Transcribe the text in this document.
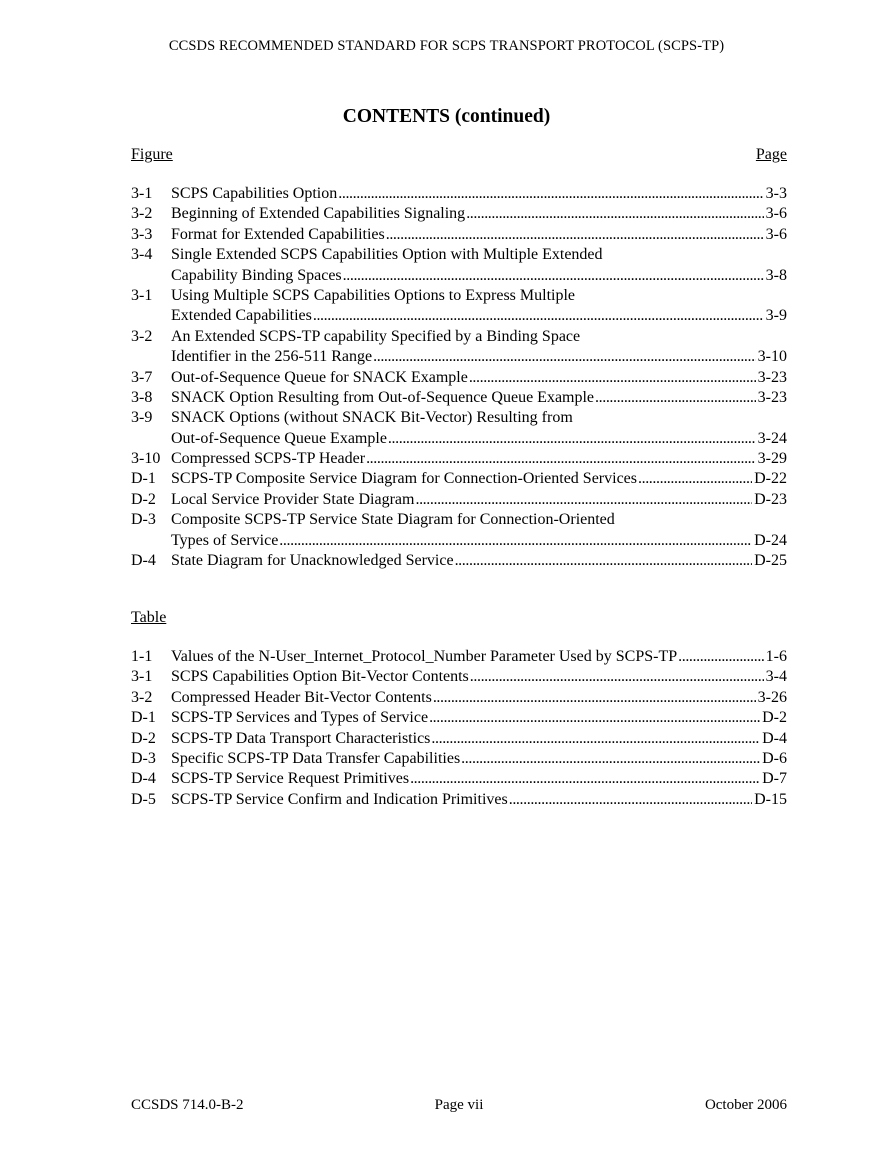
CCSDS RECOMMENDED STANDARD FOR SCPS TRANSPORT PROTOCOL (SCPS-TP)
CONTENTS (continued)
Figure	Page
3-1	SCPS Capabilities Option . . .	3-3
3-2	Beginning of Extended Capabilities Signaling . . .	3-6
3-3	Format for Extended Capabilities . . .	3-6
3-4	Single Extended SCPS Capabilities Option with Multiple Extended
Capability Binding Spaces . . .	3-8
3-1	Using Multiple SCPS Capabilities Options to Express Multiple
Extended Capabilities . . .	3-9
3-2	An Extended SCPS-TP capability Specified by a Binding Space
Identifier in the 256-511 Range . . .	3-10
3-7	Out-of-Sequence Queue for SNACK Example . . .	3-23
3-8	SNACK Option Resulting from Out-of-Sequence Queue Example . . .	3-23
3-9	SNACK Options (without SNACK Bit-Vector) Resulting from
Out-of-Sequence Queue Example . . .	3-24
3-10 Compressed SCPS-TP Header . . .	3-29
D-1 SCPS-TP Composite Service Diagram for Connection-Oriented Services . . .	D-22
D-2 Local Service Provider State Diagram . . .	D-23
D-3 Composite SCPS-TP Service State Diagram for Connection-Oriented
Types of Service . . .	D-24
D-4 State Diagram for Unacknowledged Service . . .	D-25
Table
1-1	Values of the N-User_Internet_Protocol_Number Parameter Used by SCPS-TP . . .	1-6
3-1	SCPS Capabilities Option Bit-Vector Contents . . .	3-4
3-2	Compressed Header Bit-Vector Contents . . .	3-26
D-1 SCPS-TP Services and Types of Service . . .	D-2
D-2 SCPS-TP Data Transport Characteristics . . .	D-4
D-3 Specific SCPS-TP Data Transfer Capabilities . . .	D-6
D-4 SCPS-TP Service Request Primitives . . .	D-7
D-5 SCPS-TP Service Confirm and Indication Primitives . . .	D-15
CCSDS 714.0-B-2	Page vii	October 2006
